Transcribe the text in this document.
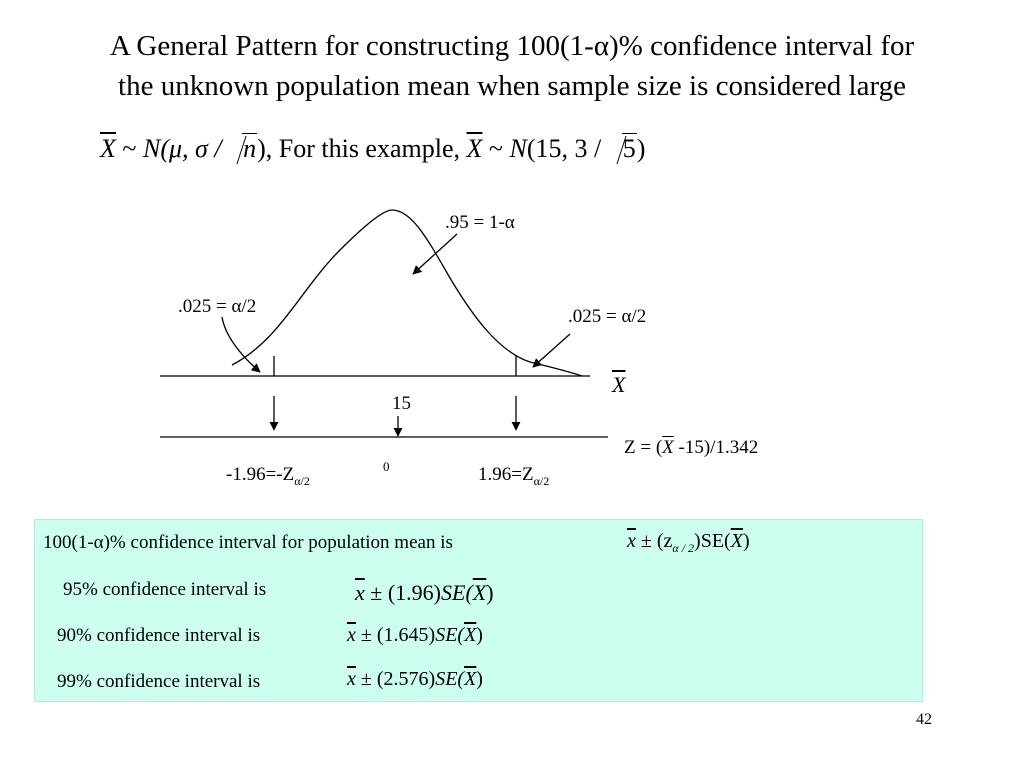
A General Pattern for constructing 100(1-α)% confidence interval for
the unknown population mean when sample size is considered large
$\overline{X}$ ~ N(μ, σ / n), For this example, $\overline{X}$ ~ N(15, 3 / 5)
.95 = 1-α
.025 = α/2	.025 = α/2
$\overline{X}$
15
$Z = (\overline{X}$ -15)/1.342
0
$-1.96=-Z_{\alpha/2}$	$1.96=Z_{\alpha/2}$
100(1-α)% confidence interval for population mean is	$\overline{x} \pm (z_{\alpha / 2})SE(\overline{X})$
95% confidence interval is	$\overline{x} \pm (1.96)SE(\overline{X})$
90% confidence interval is	$\overline{x} \pm (1.645)SE(\overline{X})$
99% confidence interval is	$\overline{x} \pm (2.576)SE(\overline{X})$
42
